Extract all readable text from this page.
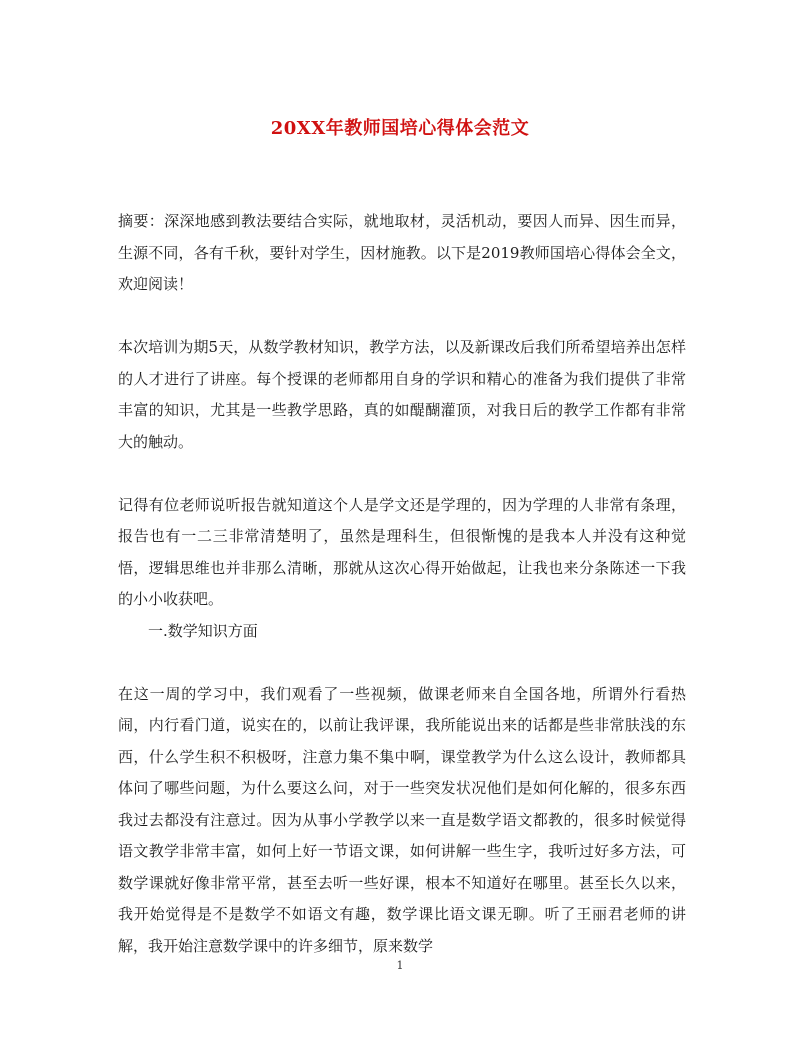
20XX年教师国培心得体会范文

摘要：深深地感到教法要结合实际，就地取材，灵活机动，要因人而异、因生而异，生源不同，各有千秋，要针对学生，因材施教。以下是2019教师国培心得体会全文，欢迎阅读！

本次培训为期5天，从数学教材知识，教学方法，以及新课改后我们所希望培养出怎样的人才进行了讲座。每个授课的老师都用自身的学识和精心的准备为我们提供了非常丰富的知识，尤其是一些教学思路，真的如醍醐灌顶，对我日后的教学工作都有非常大的触动。

记得有位老师说听报告就知道这个人是学文还是学理的，因为学理的人非常有条理，报告也有一二三非常清楚明了，虽然是理科生，但很惭愧的是我本人并没有这种觉悟，逻辑思维也并非那么清晰，那就从这次心得开始做起，让我也来分条陈述一下我的小小收获吧。

一.数学知识方面

在这一周的学习中，我们观看了一些视频，做课老师来自全国各地，所谓外行看热闹，内行看门道，说实在的，以前让我评课，我所能说出来的话都是些非常肤浅的东西，什么学生积不积极呀，注意力集不集中啊，课堂教学为什么这么设计，教师都具体问了哪些问题，为什么要这么问，对于一些突发状况他们是如何化解的，很多东西我过去都没有注意过。因为从事小学教学以来一直是数学语文都教的，很多时候觉得语文教学非常丰富，如何上好一节语文课，如何讲解一些生字，我听过好多方法，可数学课就好像非常平常，甚至去听一些好课，根本不知道好在哪里。甚至长久以来，我开始觉得是不是数学不如语文有趣，数学课比语文课无聊。听了王丽君老师的讲解，我开始注意数学课中的许多细节，原来数学

1
